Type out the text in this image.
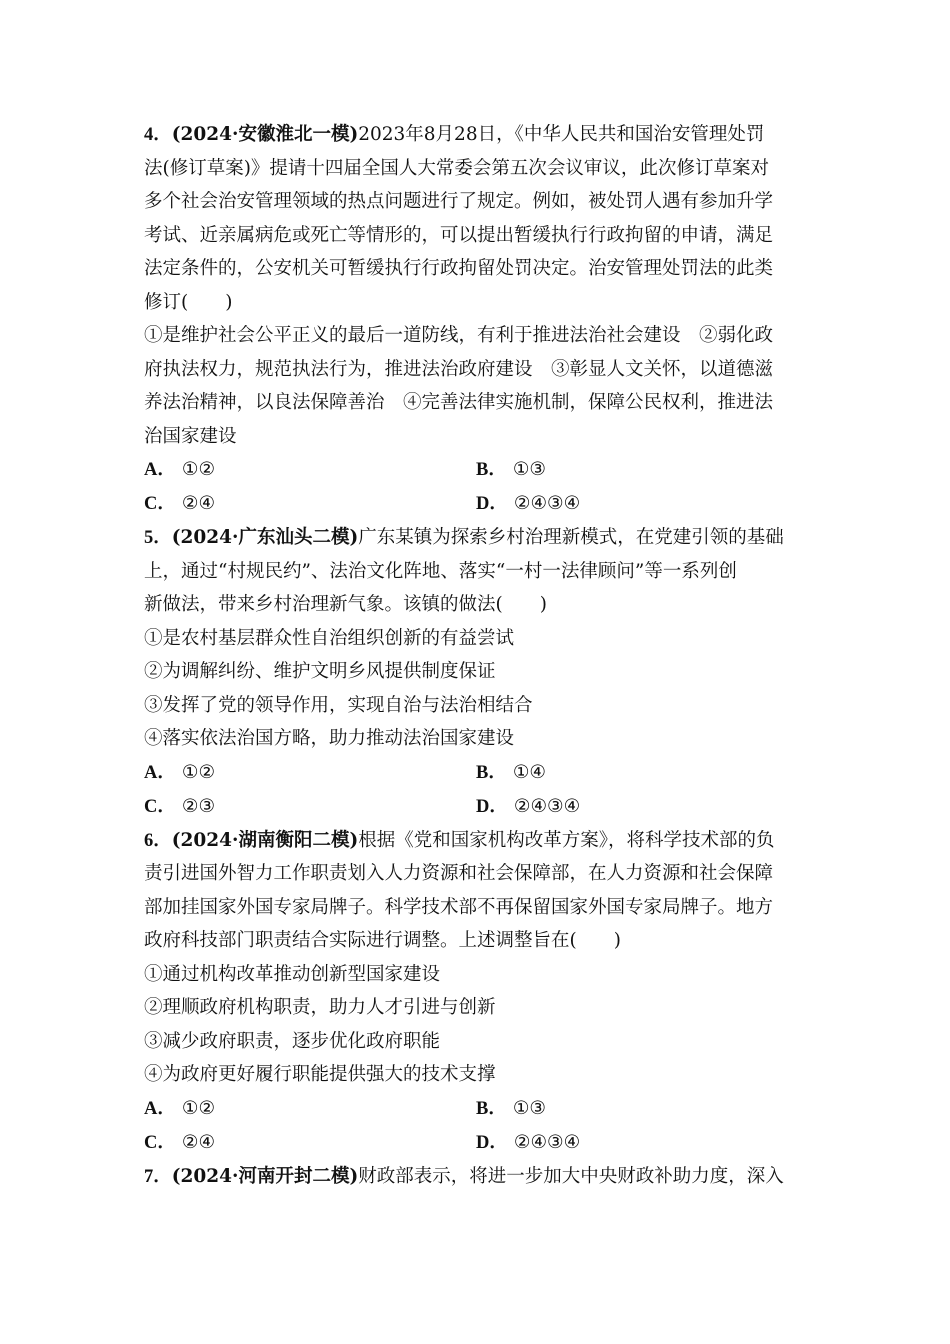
4．(2024·安徽淮北一模)2023年8月28日，《中华人民共和国治安管理处罚
法(修订草案)》提请十四届全国人大常委会第五次会议审议，此次修订草案对
多个社会治安管理领域的热点问题进行了规定。例如，被处罚人遇有参加升学
考试、近亲属病危或死亡等情形的，可以提出暂缓执行行政拘留的申请，满足
法定条件的，公安机关可暂缓执行行政拘留处罚决定。治安管理处罚法的此类
修订(　　)
①是维护社会公平正义的最后一道防线，有利于推进法治社会建设　②弱化政
府执法权力，规范执法行为，推进法治政府建设　③彰显人文关怀，以道德滋
养法治精神，以良法保障善治　④完善法律实施机制，保障公民权利，推进法
治国家建设
A． ①②	B． ①③
C． ②④	D． ②④③④
5．(2024·广东汕头二模)广东某镇为探索乡村治理新模式，在党建引领的基础
上，通过“村规民约”、法治文化阵地、落实“一村一法律顾问”等一系列创
新做法，带来乡村治理新气象。该镇的做法(　　)
①是农村基层群众性自治组织创新的有益尝试
②为调解纠纷、维护文明乡风提供制度保证
③发挥了党的领导作用，实现自治与法治相结合
④落实依法治国方略，助力推动法治国家建设
A． ①②	B． ①④
C． ②③	D． ②④③④
6．(2024·湖南衡阳二模)根据《党和国家机构改革方案》，将科学技术部的负
责引进国外智力工作职责划入人力资源和社会保障部，在人力资源和社会保障
部加挂国家外国专家局牌子。科学技术部不再保留国家外国专家局牌子。地方
政府科技部门职责结合实际进行调整。上述调整旨在(　　)
①通过机构改革推动创新型国家建设
②理顺政府机构职责，助力人才引进与创新
③减少政府职责，逐步优化政府职能
④为政府更好履行职能提供强大的技术支撑
A． ①②	B． ①③
C． ②④	D． ②④③④
7．(2024·河南开封二模)财政部表示，将进一步加大中央财政补助力度，深入
